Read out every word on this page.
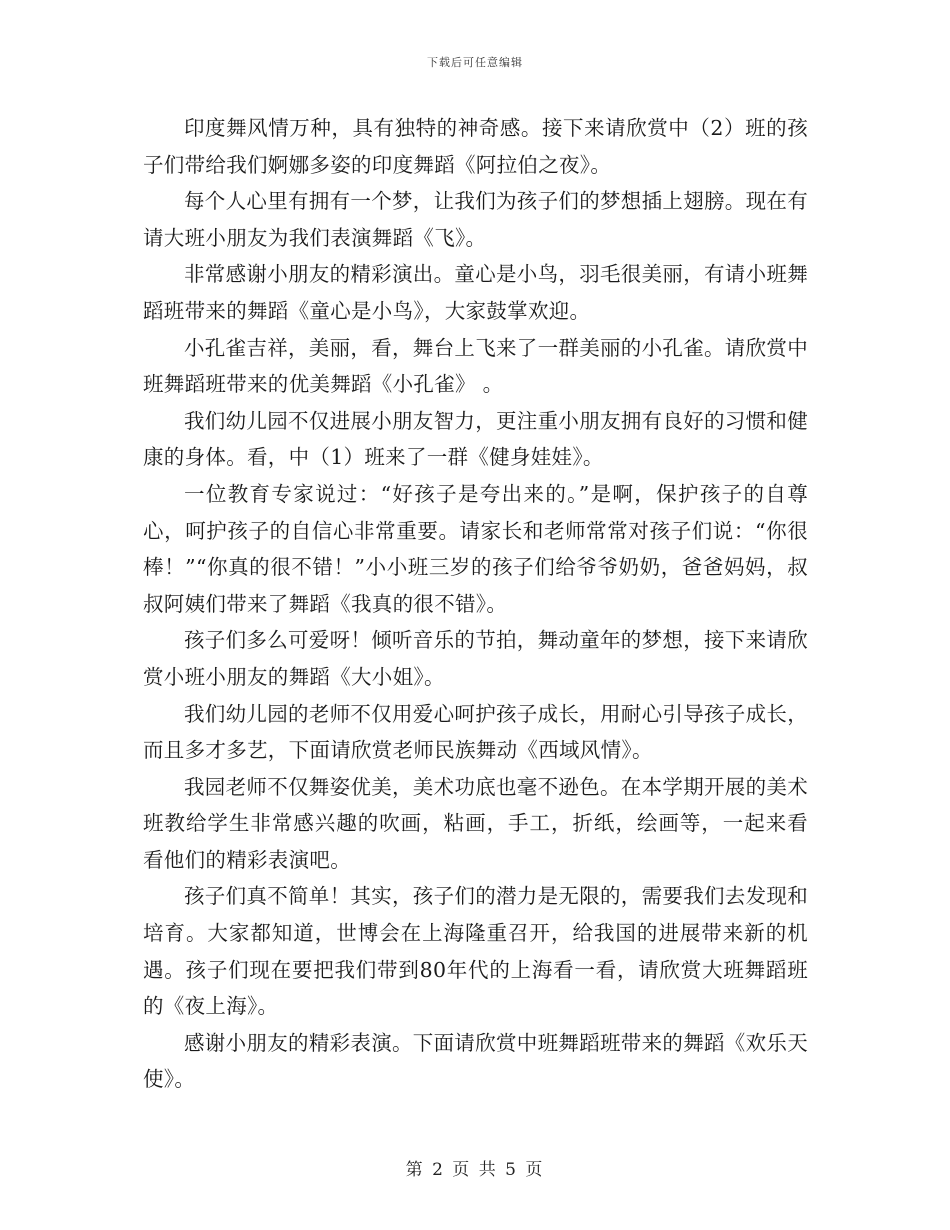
下载后可任意编辑

印度舞风情万种，具有独特的神奇感。接下来请欣赏中（2）班的孩子们带给我们婀娜多姿的印度舞蹈《阿拉伯之夜》。

每个人心里有拥有一个梦，让我们为孩子们的梦想插上翅膀。现在有请大班小朋友为我们表演舞蹈《飞》。

非常感谢小朋友的精彩演出。童心是小鸟，羽毛很美丽，有请小班舞蹈班带来的舞蹈《童心是小鸟》，大家鼓掌欢迎。

小孔雀吉祥，美丽，看，舞台上飞来了一群美丽的小孔雀。请欣赏中班舞蹈班带来的优美舞蹈《小孔雀》 。

我们幼儿园不仅进展小朋友智力，更注重小朋友拥有良好的习惯和健康的身体。看，中（1）班来了一群《健身娃娃》。

一位教育专家说过：“好孩子是夸出来的。”是啊，保护孩子的自尊心，呵护孩子的自信心非常重要。请家长和老师常常对孩子们说：“你很棒！”“你真的很不错！”小小班三岁的孩子们给爷爷奶奶，爸爸妈妈，叔叔阿姨们带来了舞蹈《我真的很不错》。

孩子们多么可爱呀！倾听音乐的节拍，舞动童年的梦想，接下来请欣赏小班小朋友的舞蹈《大小姐》。

我们幼儿园的老师不仅用爱心呵护孩子成长，用耐心引导孩子成长，而且多才多艺，下面请欣赏老师民族舞动《西域风情》。

我园老师不仅舞姿优美，美术功底也毫不逊色。在本学期开展的美术班教给学生非常感兴趣的吹画，粘画，手工，折纸，绘画等，一起来看看他们的精彩表演吧。

孩子们真不简单！其实，孩子们的潜力是无限的，需要我们去发现和培育。大家都知道，世博会在上海隆重召开，给我国的进展带来新的机遇。孩子们现在要把我们带到80年代的上海看一看，请欣赏大班舞蹈班的《夜上海》。

感谢小朋友的精彩表演。下面请欣赏中班舞蹈班带来的舞蹈《欢乐天使》。

第 2 页 共 5 页
